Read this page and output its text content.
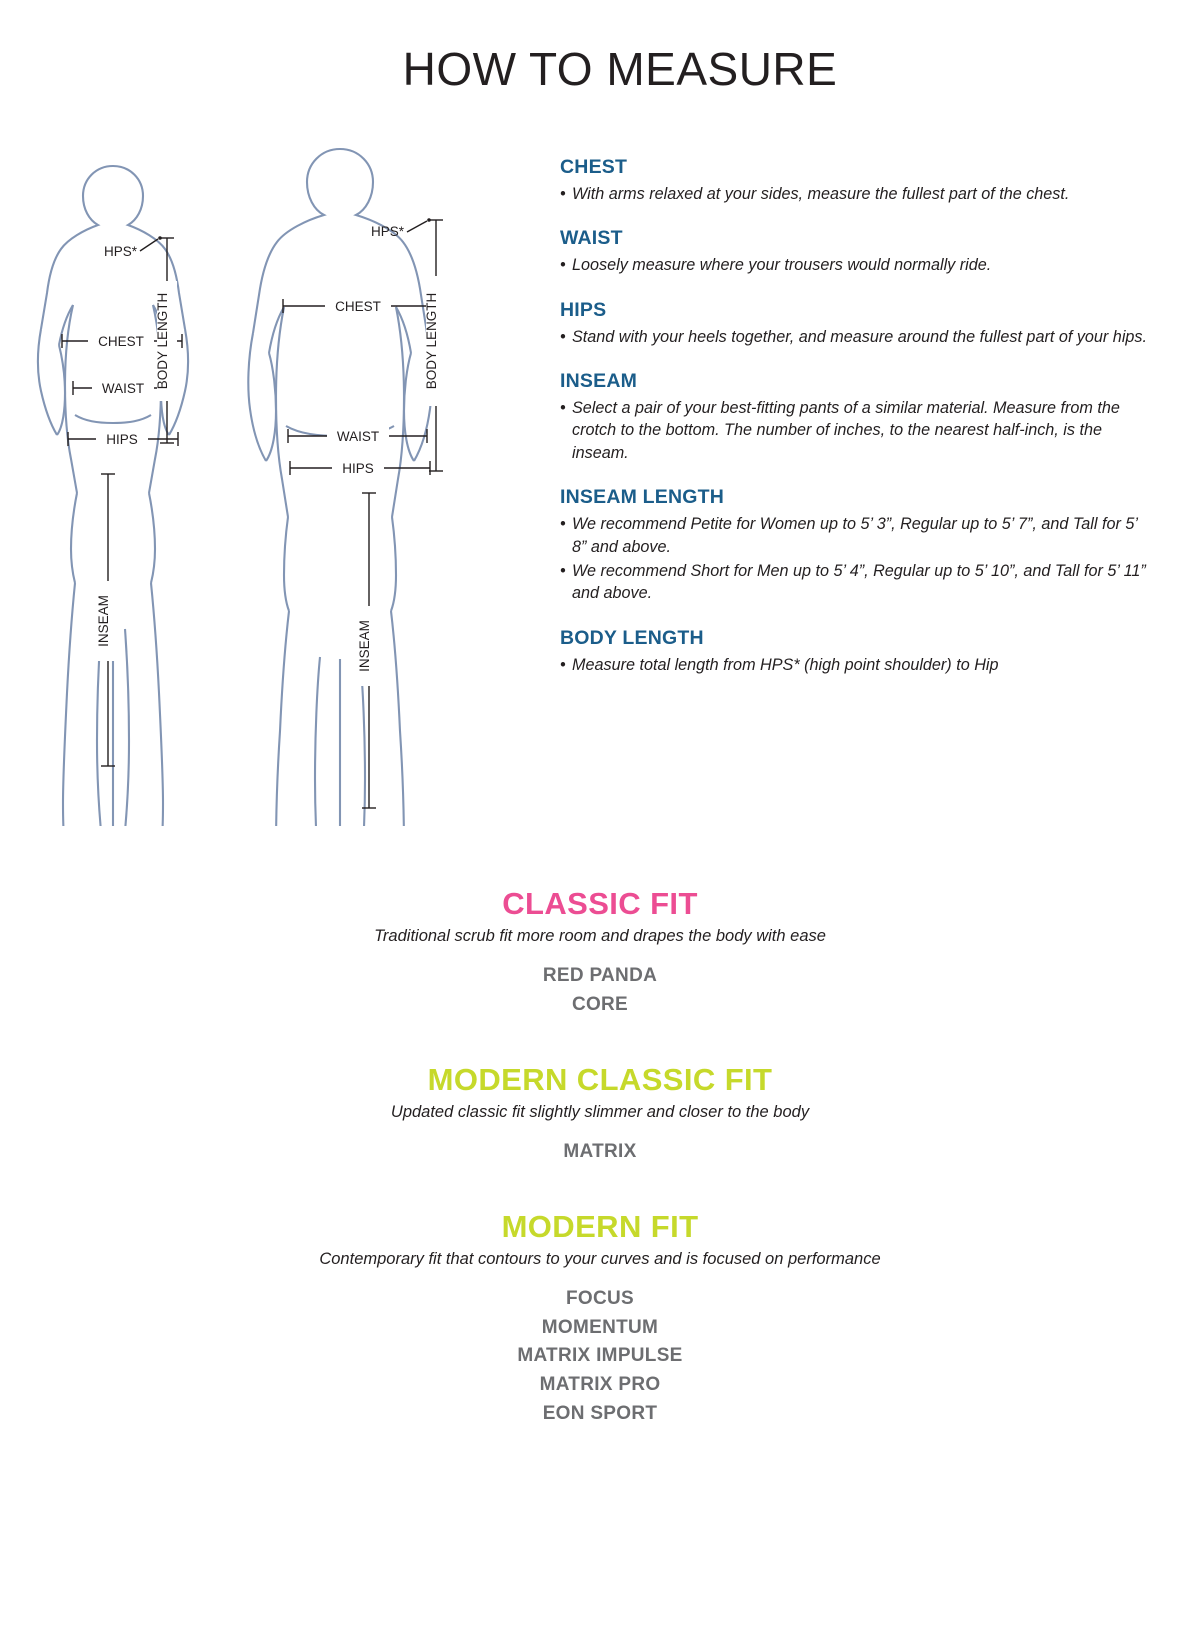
HOW TO MEASURE
HPS*
CHEST
WAIST
HIPS
BODY LENGTH
INSEAM
HPS*
CHEST
WAIST
HIPS
BODY LENGTH
INSEAM
CHEST
• With arms relaxed at your sides, measure the fullest part of the chest.
WAIST
• Loosely measure where your trousers would normally ride.
HIPS
• Stand with your heels together, and measure around the fullest part of your hips.
INSEAM
• Select a pair of your best-fitting pants of a similar material. Measure from the crotch to the bottom. The number of inches, to the nearest half-inch, is the inseam.
INSEAM LENGTH
• We recommend Petite for Women up to 5’ 3”, Regular up to 5’ 7”, and Tall for 5’ 8” and above.
• We recommend Short for Men up to 5’ 4”, Regular up to 5’ 10”, and Tall for 5’ 11” and above.
BODY LENGTH
• Measure total length from HPS* (high point shoulder) to Hip
CLASSIC FIT
Traditional scrub fit more room and drapes the body with ease
RED PANDA
CORE
MODERN CLASSIC FIT
Updated classic fit slightly slimmer and closer to the body
MATRIX
MODERN FIT
Contemporary fit that contours to your curves and is focused on performance
FOCUS
MOMENTUM
MATRIX IMPULSE
MATRIX PRO
EON SPORT
